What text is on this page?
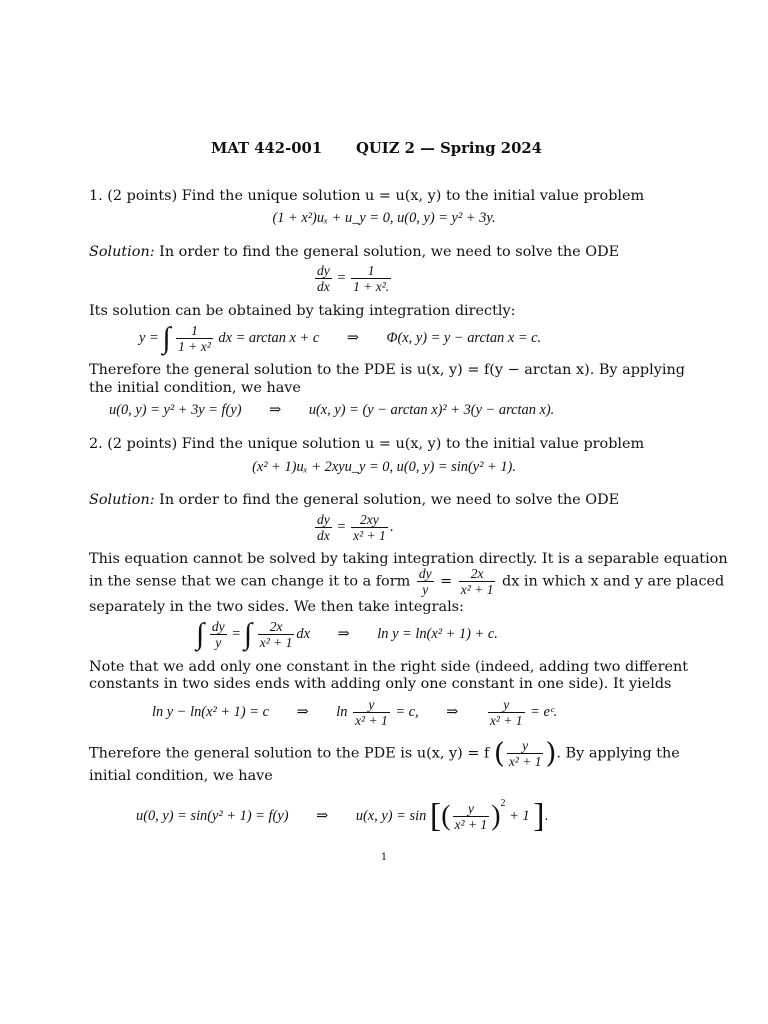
MAT 442-001 QUIZ 2 — Spring 2024
1. (2 points) Find the unique solution u = u(x, y) to the initial value problem
(1 + x²)uₓ + u_y = 0, u(0, y) = y² + 3y.
Solution: In order to find the general solution, we need to solve the ODE
$\frac{dy}{dx} = \frac{1}{\text{1 + x².}}$
Its solution can be obtained by taking integration directly:
y = ∫ $\frac{1}{\text{1 + x²}}$ dx = arctan x + c ⇒ Φ(x, y) = y − arctan x = c.
Therefore the general solution to the PDE is u(x, y) = f(y − arctan x). By applying
the initial condition, we have
u(0, y) = y² + 3y = f(y) ⇒ u(x, y) = (y − arctan x)² + 3(y − arctan x).
2. (2 points) Find the unique solution u = u(x, y) to the initial value problem
(x² + 1)uₓ + 2xyu_y = 0, u(0, y) = sin(y² + 1).
Solution: In order to find the general solution, we need to solve the ODE
$\frac{dy}{dx} = \frac{2xy}{\text{x² + 1}}$ .
This equation cannot be solved by taking integration directly. It is a separable equation
in the sense that we can change it to a form $\frac{dy}{y} = \frac{2x}{\text{x² + 1}}$ dx in which x and y are placed
separately in the two sides. We then take integrals:
∫ $\frac{dy}{y}$ = ∫ $\frac{2x}{\text{x² + 1}}$ dx ⇒ ln y = ln(x² + 1) + c.
Note that we add only one constant in the right side (indeed, adding two different
constants in two sides ends with adding only one constant in one side). It yields
ln y − ln(x² + 1) = c ⇒ $\ln \frac{y}{\text{x² + 1}} = c$, ⇒ $\frac{y}{\text{x² + 1}}$ = eᶜ.
Therefore the general solution to the PDE is u(x, y) = f ( $\frac{y}{\text{x² + 1}}$ ). By applying the
initial condition, we have
u(0, y) = sin(y² + 1) = f(y) ⇒ u(x, y) = sin [( $\frac{y}{\text{x² + 1}} )^2 + 1$ ].
1
